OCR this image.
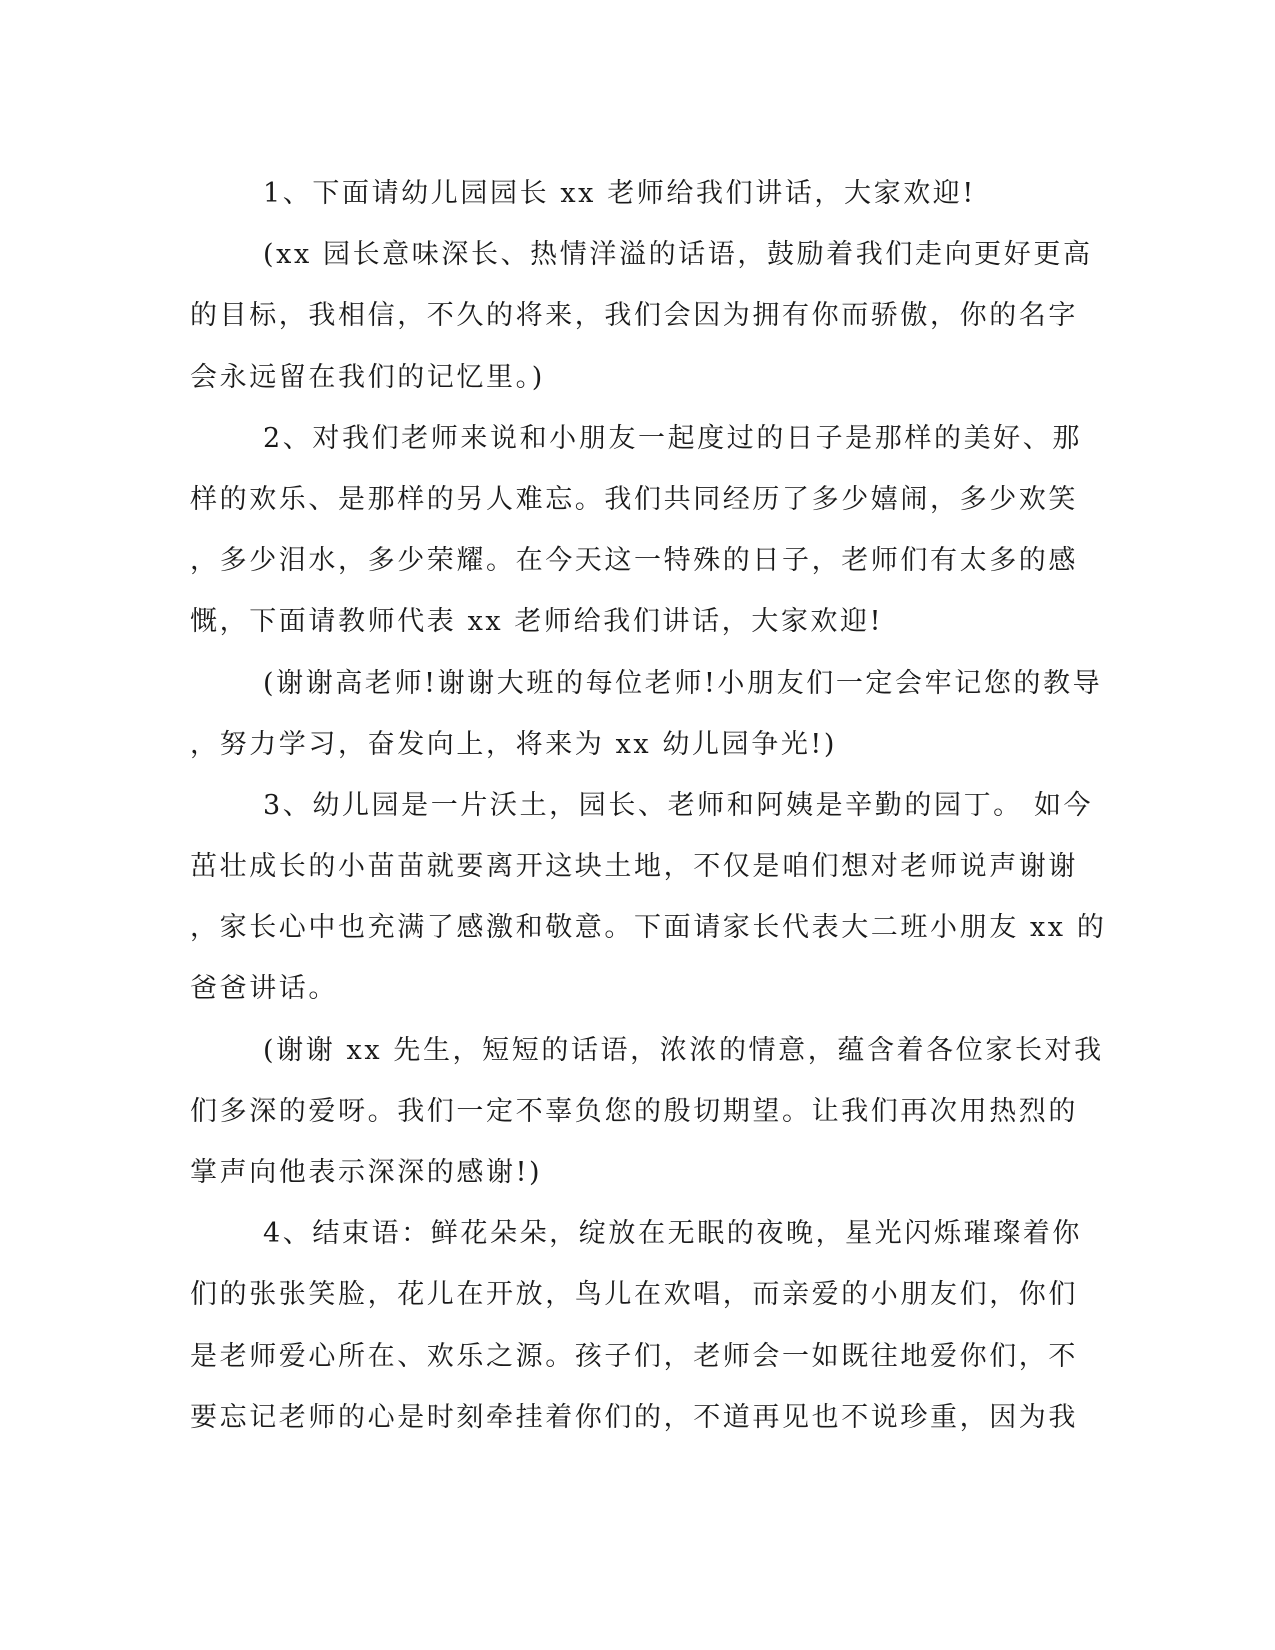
1、下面请幼儿园园长 xx 老师给我们讲话，大家欢迎!
(xx 园长意味深长、热情洋溢的话语，鼓励着我们走向更好更高
的目标，我相信，不久的将来，我们会因为拥有你而骄傲，你的名字
会永远留在我们的记忆里。)
2、对我们老师来说和小朋友一起度过的日子是那样的美好、那
样的欢乐、是那样的另人难忘。我们共同经历了多少嬉闹，多少欢笑
，多少泪水，多少荣耀。在今天这一特殊的日子，老师们有太多的感
慨，下面请教师代表 xx 老师给我们讲话，大家欢迎!
(谢谢高老师!谢谢大班的每位老师!小朋友们一定会牢记您的教导
，努力学习，奋发向上，将来为 xx 幼儿园争光!)
3、幼儿园是一片沃土，园长、老师和阿姨是辛勤的园丁。 如今
茁壮成长的小苗苗就要离开这块土地，不仅是咱们想对老师说声谢谢
，家长心中也充满了感激和敬意。下面请家长代表大二班小朋友 xx 的
爸爸讲话。
(谢谢 xx 先生，短短的话语，浓浓的情意，蕴含着各位家长对我
们多深的爱呀。我们一定不辜负您的殷切期望。让我们再次用热烈的
掌声向他表示深深的感谢!)
4、结束语：鲜花朵朵，绽放在无眠的夜晚，星光闪烁璀璨着你
们的张张笑脸，花儿在开放，鸟儿在欢唱，而亲爱的小朋友们，你们
是老师爱心所在、欢乐之源。孩子们，老师会一如既往地爱你们，不
要忘记老师的心是时刻牵挂着你们的，不道再见也不说珍重，因为我
